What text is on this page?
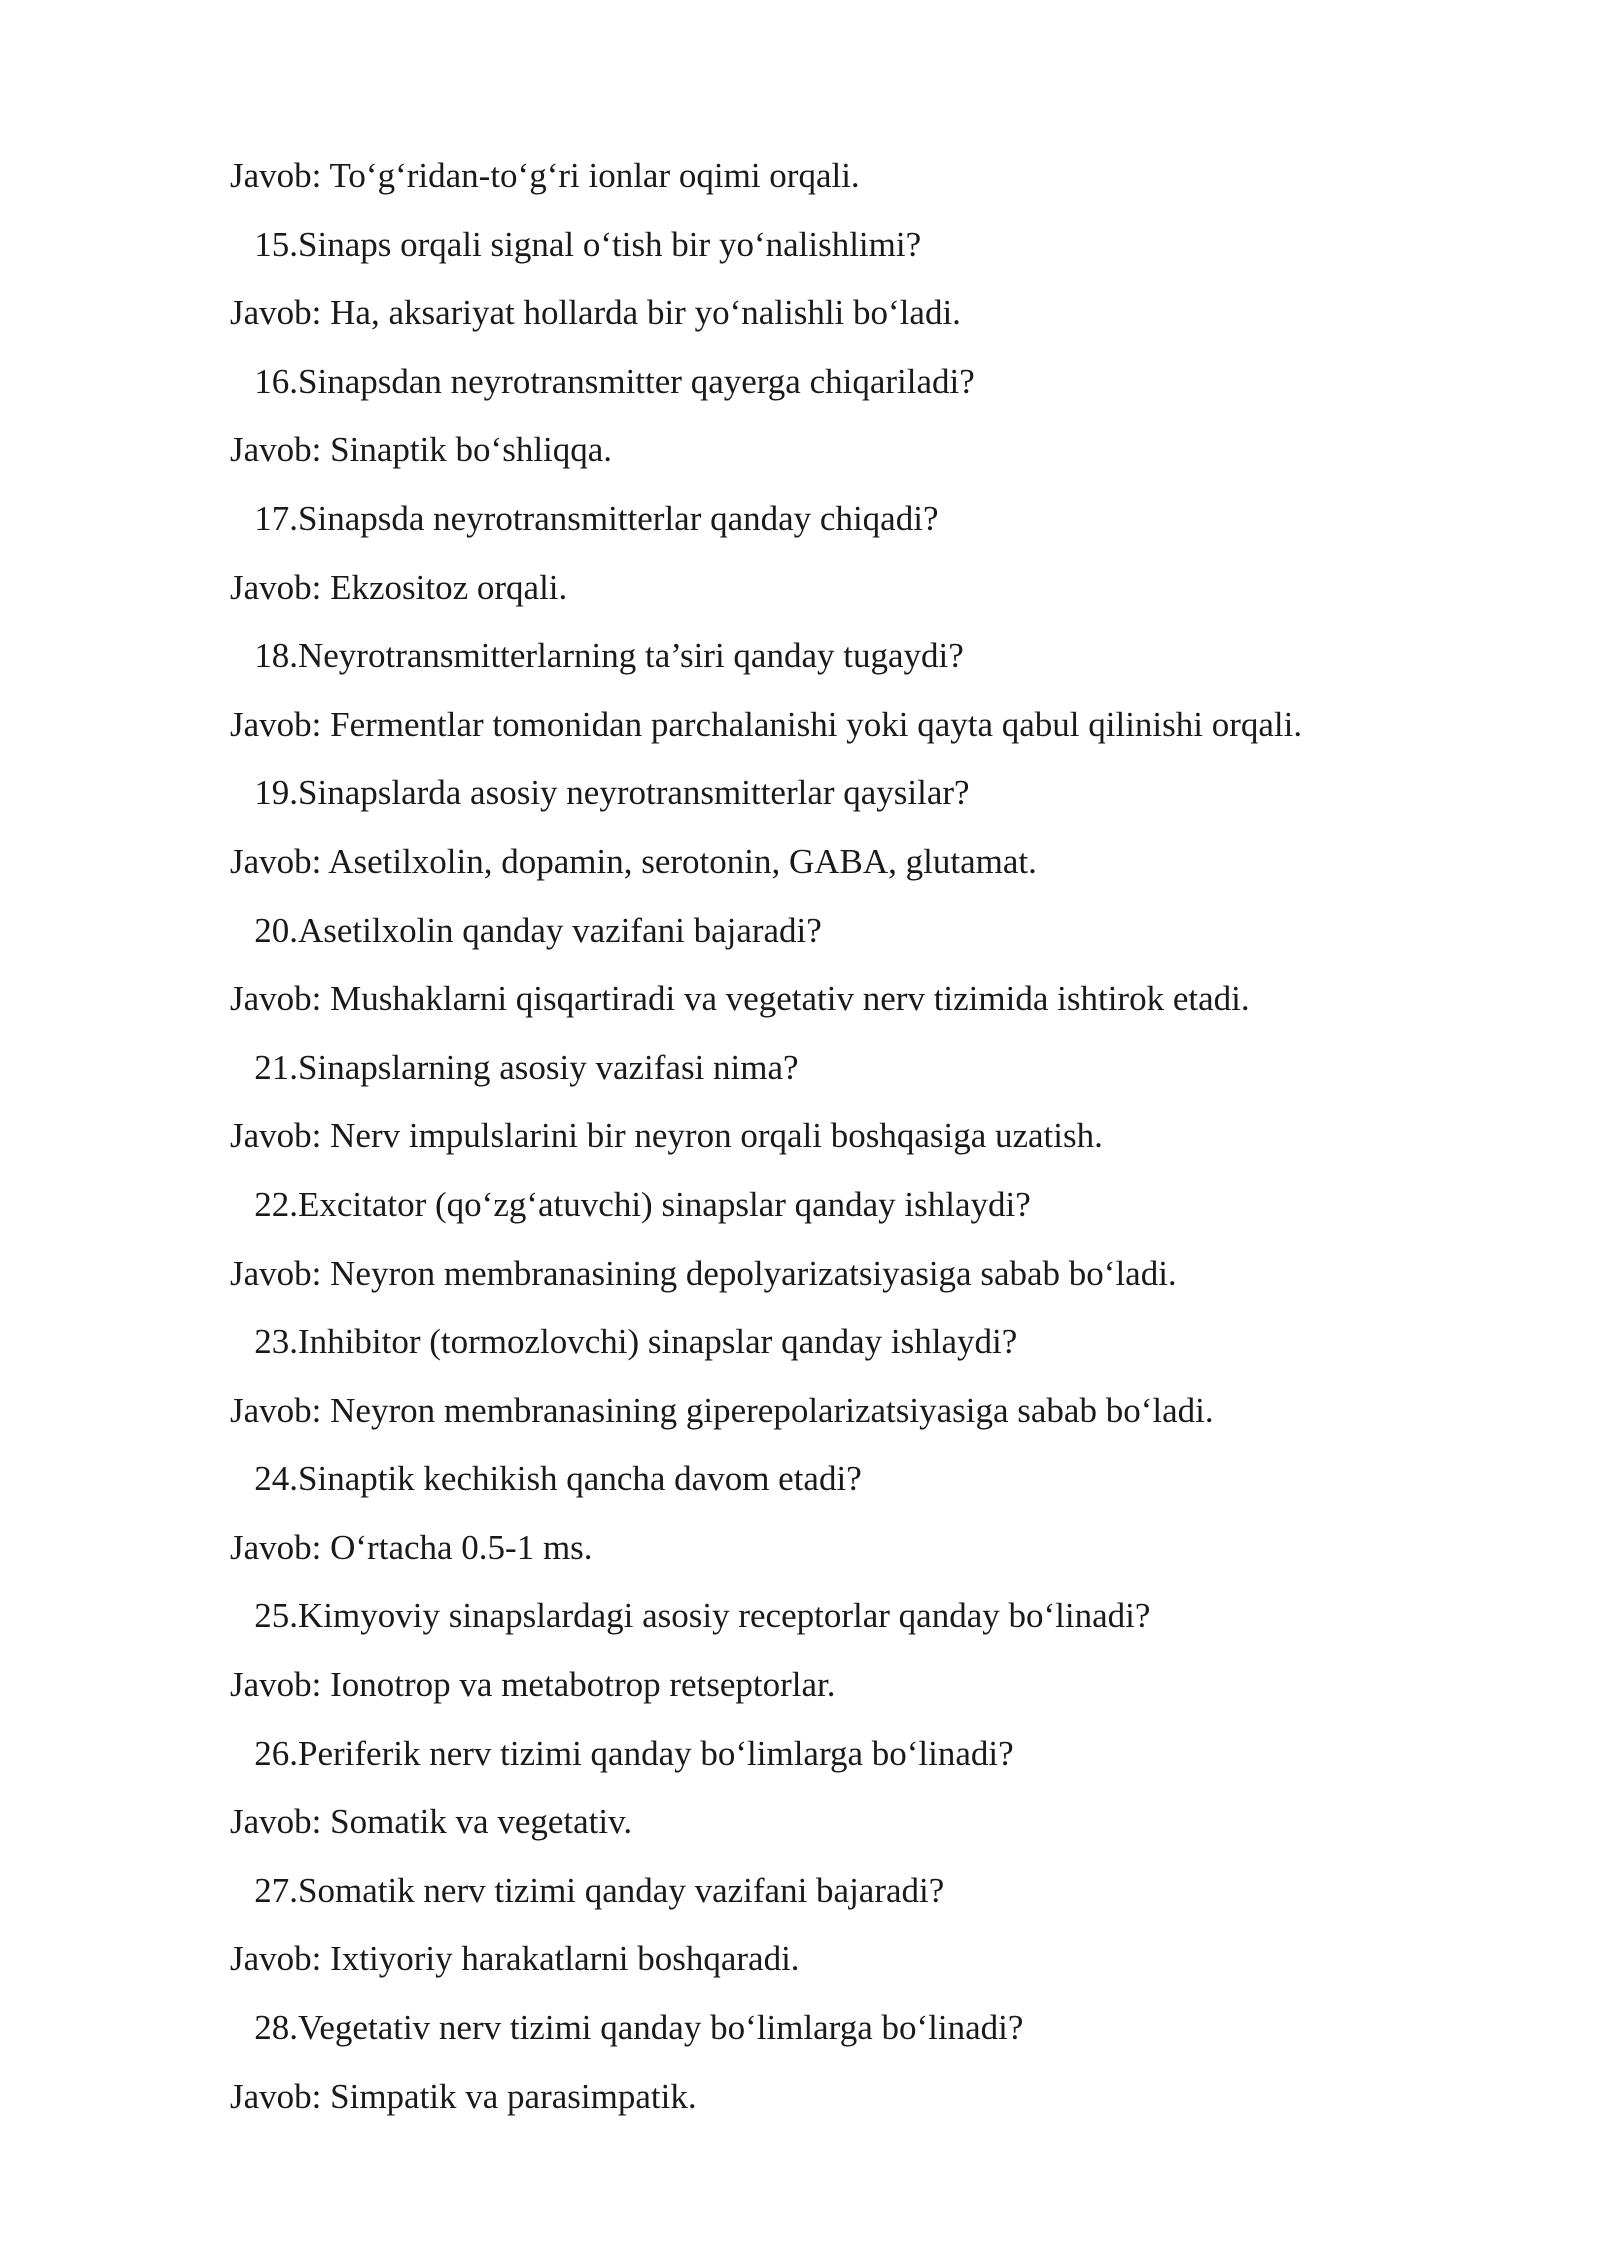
Javob: To‘g‘ridan-to‘g‘ri ionlar oqimi orqali.
15. Sinaps orqali signal o‘tish bir yo‘nalishlimi?
Javob: Ha, aksariyat hollarda bir yo‘nalishli bo‘ladi.
16. Sinapsdan neyrotransmitter qayerga chiqariladi?
Javob: Sinaptik bo‘shliqqa.
17. Sinapsda neyrotransmitterlar qanday chiqadi?
Javob: Ekzositoz orqali.
18. Neyrotransmitterlarning ta’siri qanday tugaydi?
Javob: Fermentlar tomonidan parchalanishi yoki qayta qabul qilinishi orqali.
19. Sinapslarda asosiy neyrotransmitterlar qaysilar?
Javob: Asetilxolin, dopamin, serotonin, GABA, glutamat.
20. Asetilxolin qanday vazifani bajaradi?
Javob: Mushaklarni qisqartiradi va vegetativ nerv tizimida ishtirok etadi.
21. Sinapslarning asosiy vazifasi nima?
Javob: Nerv impulslarini bir neyron orqali boshqasiga uzatish.
22. Excitator (qo‘zg‘atuvchi) sinapslar qanday ishlaydi?
Javob: Neyron membranasining depolyarizatsiyasiga sabab bo‘ladi.
23. Inhibitor (tormozlovchi) sinapslar qanday ishlaydi?
Javob: Neyron membranasining giperepolarizatsiyasiga sabab bo‘ladi.
24. Sinaptik kechikish qancha davom etadi?
Javob: O‘rtacha 0.5-1 ms.
25. Kimyoviy sinapslardagi asosiy receptorlar qanday bo‘linadi?
Javob: Ionotrop va metabotrop retseptorlar.
26. Periferik nerv tizimi qanday bo‘limlarga bo‘linadi?
Javob: Somatik va vegetativ.
27. Somatik nerv tizimi qanday vazifani bajaradi?
Javob: Ixtiyoriy harakatlarni boshqaradi.
28. Vegetativ nerv tizimi qanday bo‘limlarga bo‘linadi?
Javob: Simpatik va parasimpatik.
